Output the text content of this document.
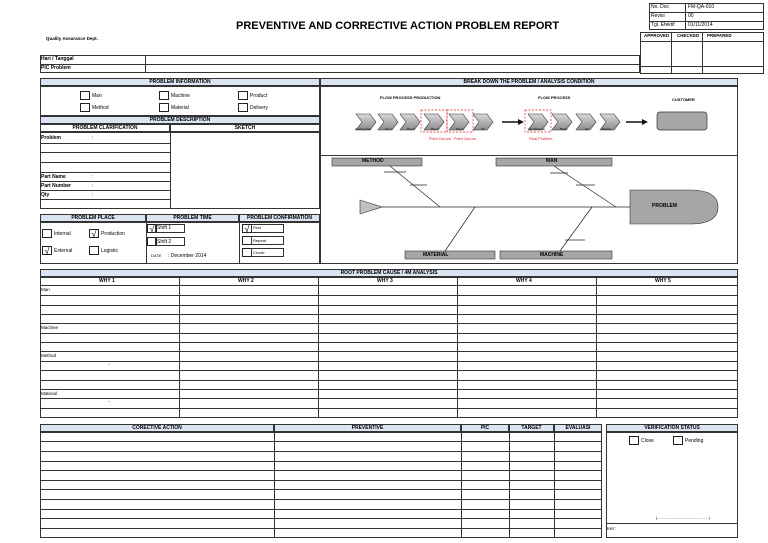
PREVENTIVE AND CORRECTIVE ACTION PROBLEM REPORT
Quality Assurance Dept.
No. Doc	FM-QA-010
Revisi	00
Tgl. Efektif	01/11/2014
APPROVED CHECKED PREPARED
Hari / Tanggal
PIC Problem
PROBLEM INFORMATION
Man
Method
Machine
Material
Product
Delivery
PROBLEM DESCRIPTION
PROBLEM CLARIFICATION	SKETCH
Problem	:
Part Name	:
Part Number	:
Qty	:
PROBLEM PLACE	PROBLEM TIME	PROBLEM CONFIRMATION
Internal √ Production
√ External	Logistic
√ Shift 1
Shift 2
DATE : December 2014
√ First
Repeat
Cronic
BREAK DOWN THE PROBLEM / ANALYSIS CONDITION
FLOW PROCESS PRODUCTION	FLOW PROCESS	CUSTOMER
Incoming Part	Proc 1	Proc 2	Proc 3	Proc 4	QC	QC Receiving	Phase	QC	Delivery
Point Occure Point Occure	Final Problem
METHOD	MAN
MATERIAL	MACHINE
PROBLEM
ROOT PROBLEM CAUSE / 4M ANALYSIS
WHY 1	WHY 2	WHY 3	WHY 4	WHY 5
Man
Machine
Method
Material
-
-
CORECTIVE ACTION	PREVENTIVE	PIC	TARGET	EVALUASI	VERIFICATION STATUS
Close	Pending
(..............................................)
Ket :
